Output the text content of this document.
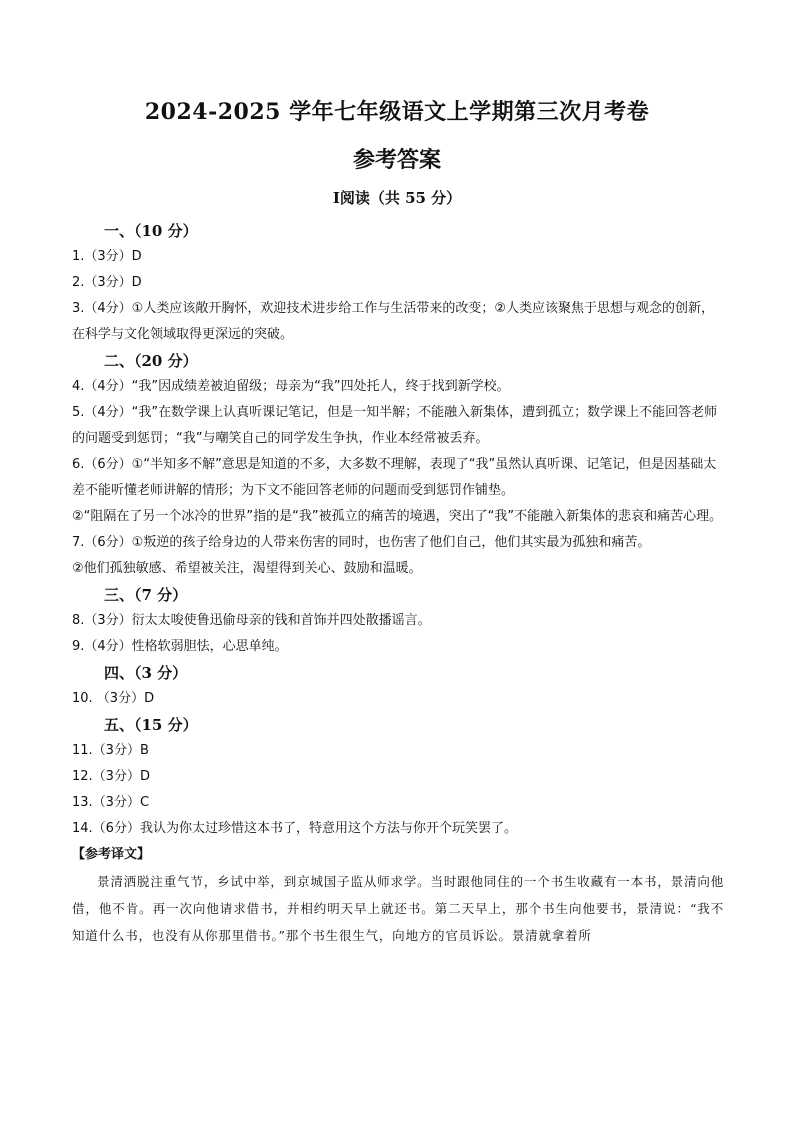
2024-2025 学年七年级语文上学期第三次月考卷
参考答案
Ⅰ阅读（共 55 分）
一、（10 分）

1.（3分）D

2.（3分）D

3.（4分）①人类应该敞开胸怀，欢迎技术进步给工作与生活带来的改变；②人类应该聚焦于思想与观念的创新，在科学与文化领域取得更深远的突破。

二、（20 分）

4.（4分）“我”因成绩差被迫留级；母亲为“我”四处托人，终于找到新学校。

5.（4分）“我”在数学课上认真听课记笔记，但是一知半解；不能融入新集体，遭到孤立；数学课上不能回答老师的问题受到惩罚；“我”与嘲笑自己的同学发生争执，作业本经常被丢弃。

6.（6分）①“半知多不解”意思是知道的不多，大多数不理解，表现了“我”虽然认真听课、记笔记，但是因基础太差不能听懂老师讲解的情形；为下文不能回答老师的问题而受到惩罚作铺垫。

②“阻隔在了另一个冰冷的世界”指的是“我”被孤立的痛苦的境遇，突出了“我”不能融入新集体的悲哀和痛苦心理。

7.（6分）①叛逆的孩子给身边的人带来伤害的同时，也伤害了他们自己，他们其实最为孤独和痛苦。

②他们孤独敏感、希望被关注，渴望得到关心、鼓励和温暖。

三、（7 分）

8.（3分）衍太太唆使鲁迅偷母亲的钱和首饰并四处散播谣言。

9.（4分）性格软弱胆怯，心思单纯。

四、（3 分）

10. （3分）D

五、（15 分）

11.（3分）B

12.（3分）D

13.（3分）C

14.（6分）我认为你太过珍惜这本书了，特意用这个方法与你开个玩笑罢了。

【参考译文】

景清洒脱注重气节，乡试中举，到京城国子监从师求学。当时跟他同住的一个书生收藏有一本书，景清向他借，他不肯。再一次向他请求借书，并相约明天早上就还书。第二天早上，那个书生向他要书，景清说：“我不知道什么书，也没有从你那里借书。”那个书生很生气，向地方的官员诉讼。景清就拿着所
